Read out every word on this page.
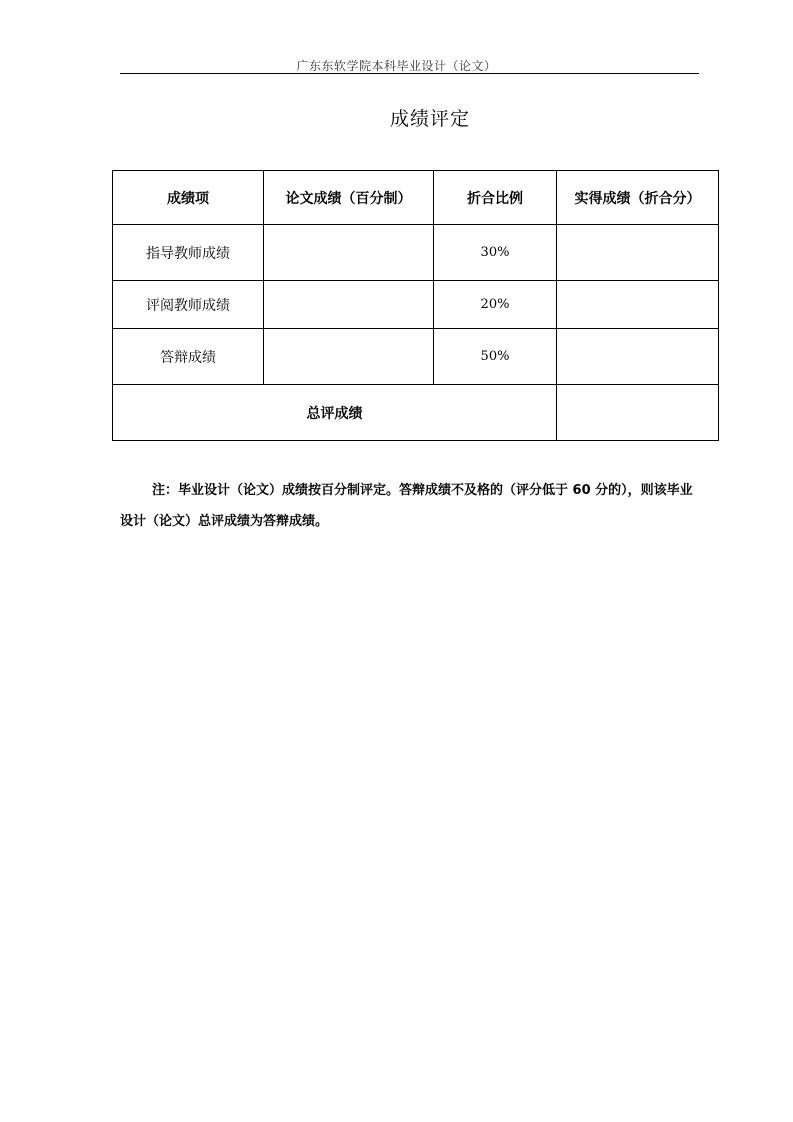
广东东软学院本科毕业设计（论文）
成绩评定
成绩项	论文成绩（百分制）	折合比例	实得成绩（折合分）
指导教师成绩		30%	
评阅教师成绩		20%	
答辩成绩		50%	
总评成绩			
注：毕业设计（论文）成绩按百分制评定。答辩成绩不及格的（评分低于 60 分的），则该毕业设计（论文）总评成绩为答辩成绩。
